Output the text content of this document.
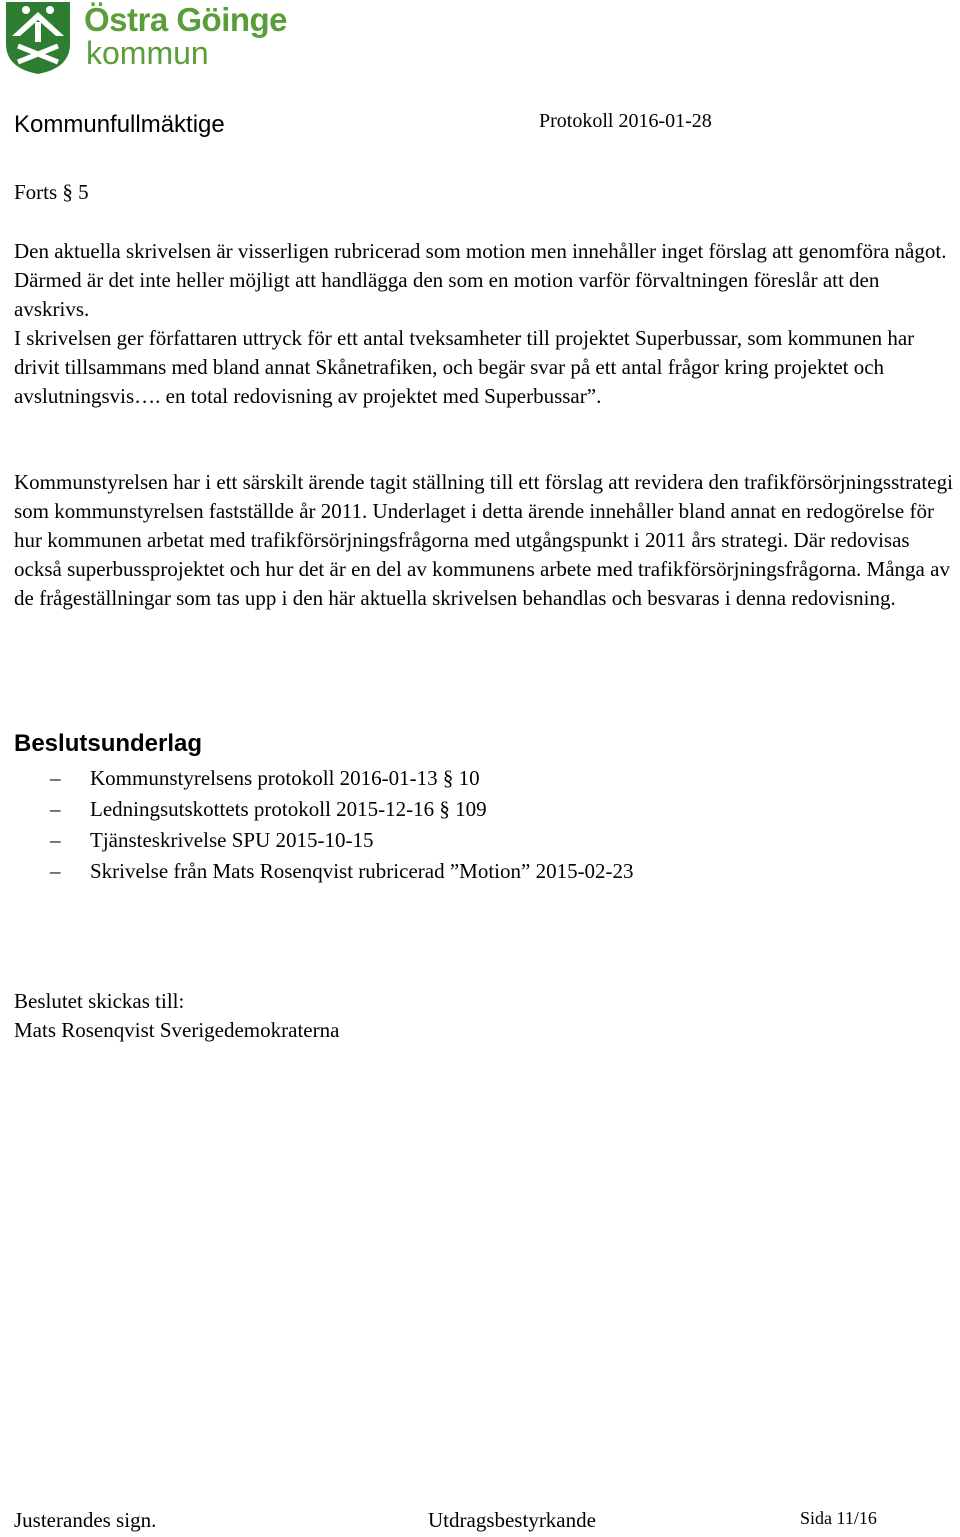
Östra Göinge
kommun
Kommunfullmäktige	Protokoll 2016-01-28
Forts § 5
Den aktuella skrivelsen är visserligen rubricerad som motion men innehåller inget förslag att genomföra något. Därmed är det inte heller möjligt att handlägga den som en motion varför förvaltningen föreslår att den avskrivs.
I skrivelsen ger författaren uttryck för ett antal tveksamheter till projektet Superbussar, som kommunen har drivit tillsammans med bland annat Skånetrafiken, och begär svar på ett antal frågor kring projektet och avslutningsvis…. en total redovisning av projektet med Superbussar”.
Kommunstyrelsen har i ett särskilt ärende tagit ställning till ett förslag att revidera den trafikförsörjningsstrategi som kommunstyrelsen fastställde år 2011. Underlaget i detta ärende innehåller bland annat en redogörelse för hur kommunen arbetat med trafikförsörjningsfrågorna med utgångspunkt i 2011 års strategi. Där redovisas också superbussprojektet och hur det är en del av kommunens arbete med trafikförsörjningsfrågorna. Många av de frågeställningar som tas upp i den här aktuella skrivelsen behandlas och besvaras i denna redovisning.
Beslutsunderlag
– Kommunstyrelsens protokoll 2016-01-13 § 10
– Ledningsutskottets protokoll 2015-12-16 § 109
– Tjänsteskrivelse SPU 2015-10-15
– Skrivelse från Mats Rosenqvist rubricerad ”Motion” 2015-02-23
Beslutet skickas till:
Mats Rosenqvist Sverigedemokraterna
Justerandes sign.	Utdragsbestyrkande	Sida 11/16
